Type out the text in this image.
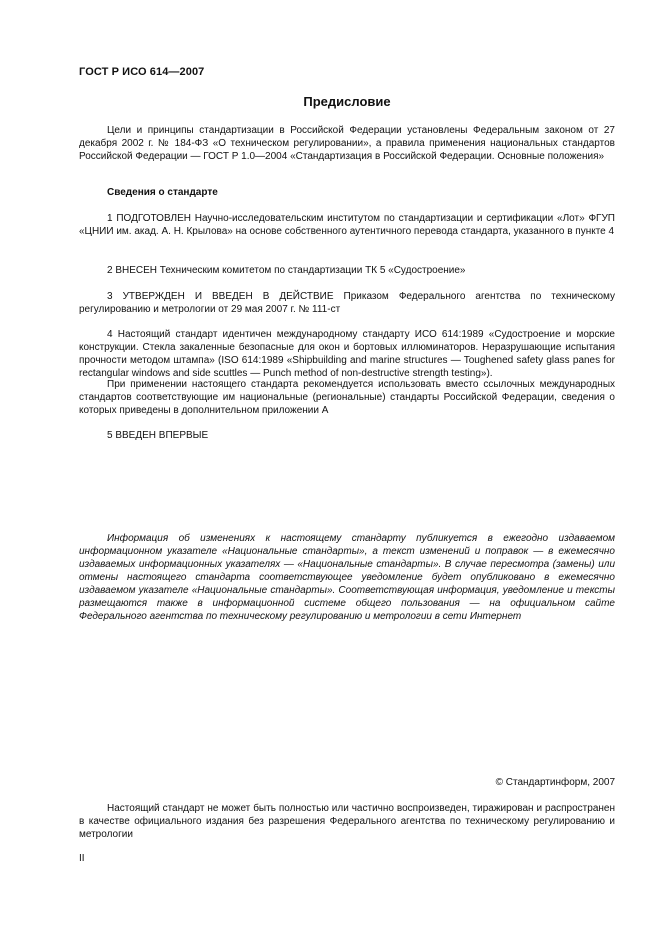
ГОСТ Р ИСО 614—2007
Предисловие

Цели и принципы стандартизации в Российской Федерации установлены Федеральным законом от 27 декабря 2002 г. № 184-ФЗ «О техническом регулировании», а правила применения национальных стандартов Российской Федерации — ГОСТ Р 1.0—2004 «Стандартизация в Российской Федерации. Основные положения»

Сведения о стандарте

1 ПОДГОТОВЛЕН Научно-исследовательским институтом по стандартизации и сертификации «Лот» ФГУП «ЦНИИ им. акад. А. Н. Крылова» на основе собственного аутентичного перевода стандарта, указанного в пункте 4

2 ВНЕСЕН Техническим комитетом по стандартизации ТК 5 «Судостроение»

3 УТВЕРЖДЕН И ВВЕДЕН В ДЕЙСТВИЕ Приказом Федерального агентства по техническому регулированию и метрологии от 29 мая 2007 г. № 111-ст

4 Настоящий стандарт идентичен международному стандарту ИСО 614:1989 «Судостроение и морские конструкции. Стекла закаленные безопасные для окон и бортовых иллюминаторов. Неразрушающие испытания прочности методом штампа» (ISO 614:1989 «Shipbuilding and marine structures — Toughened safety glass panes for rectangular windows and side scuttles — Punch method of non-destructive strength testing»).

При применении настоящего стандарта рекомендуется использовать вместо ссылочных международных стандартов соответствующие им национальные (региональные) стандарты Российской Федерации, сведения о которых приведены в дополнительном приложении А

5 ВВЕДЕН ВПЕРВЫЕ

Информация об изменениях к настоящему стандарту публикуется в ежегодно издаваемом информационном указателе «Национальные стандарты», а текст изменений и поправок — в ежемесячно издаваемых информационных указателях — «Национальные стандарты». В случае пересмотра (замены) или отмены настоящего стандарта соответствующее уведомление будет опубликовано в ежемесячно издаваемом указателе «Национальные стандарты». Соответствующая информация, уведомление и тексты размещаются также в информационной системе общего пользования — на официальном сайте Федерального агентства по техническому регулированию и метрологии в сети Интернет

© Стандартинформ, 2007

Настоящий стандарт не может быть полностью или частично воспроизведен, тиражирован и распространен в качестве официального издания без разрешения Федерального агентства по техническому регулированию и метрологии

II
